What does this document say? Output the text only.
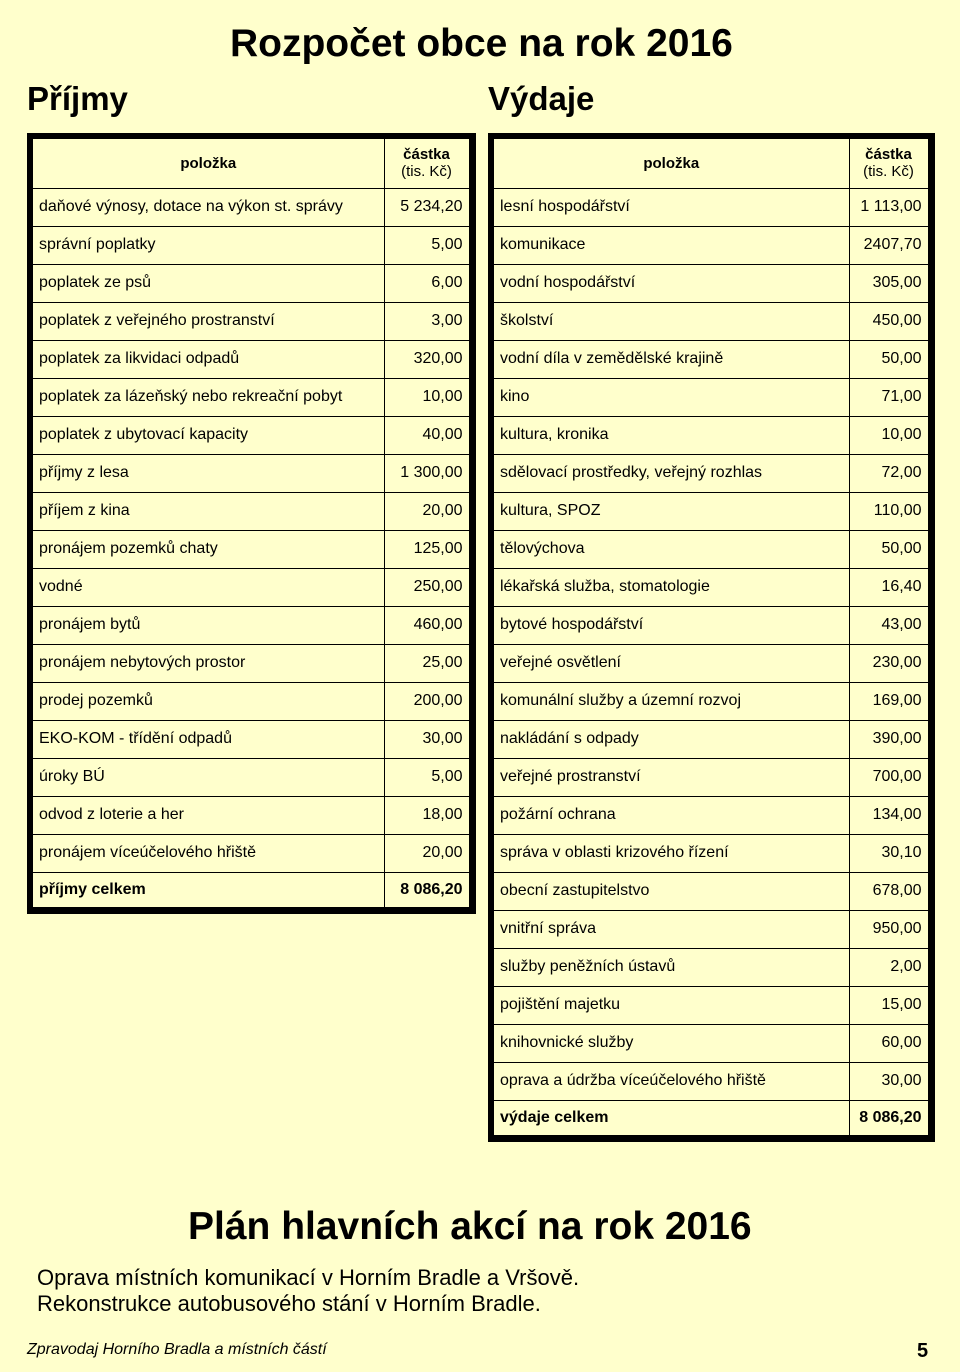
Rozpočet obce na rok 2016
Příjmy	Výdaje
položka	částka
(tis. Kč)

daňové výnosy, dotace na výkon st. správy	5 234,20
správní poplatky	5,00
poplatek ze psů	6,00
poplatek z veřejného prostranství	3,00
poplatek za likvidaci odpadů	320,00
poplatek za lázeňský nebo rekreační pobyt	10,00
poplatek z ubytovací kapacity	40,00
příjmy z lesa	1 300,00
příjem z kina	20,00
pronájem pozemků chaty	125,00
vodné	250,00
pronájem bytů	460,00
pronájem nebytových prostor	25,00
prodej pozemků	200,00
EKO-KOM - třídění odpadů	30,00
úroky BÚ	5,00
odvod z loterie a her	18,00
pronájem víceúčelového hřiště	20,00
příjmy celkem	8 086,20
položka	částka
(tis. Kč)

lesní hospodářství	1 113,00
komunikace	2407,70
vodní hospodářství	305,00
školství	450,00
vodní díla v zemědělské krajině	50,00
kino	71,00
kultura, kronika	10,00
sdělovací prostředky, veřejný rozhlas	72,00
kultura, SPOZ	110,00
tělovýchova	50,00
lékařská služba, stomatologie	16,40
bytové hospodářství	43,00
veřejné osvětlení	230,00
komunální služby a územní rozvoj	169,00
nakládání s odpady	390,00
veřejné prostranství	700,00
požární ochrana	134,00
správa v oblasti krizového řízení	30,10
obecní zastupitelstvo	678,00
vnitřní správa	950,00
služby peněžních ústavů	2,00
pojištění majetku	15,00
knihovnické služby	60,00
oprava a údržba víceúčelového hřiště	30,00
výdaje celkem	8 086,20
Plán hlavních akcí na rok 2016

Oprava místních komunikací v Horním Bradle a Vršově.

Rekonstrukce autobusového stání v Horním Bradle.

Zpravodaj Horního Bradla a místních částí	5
